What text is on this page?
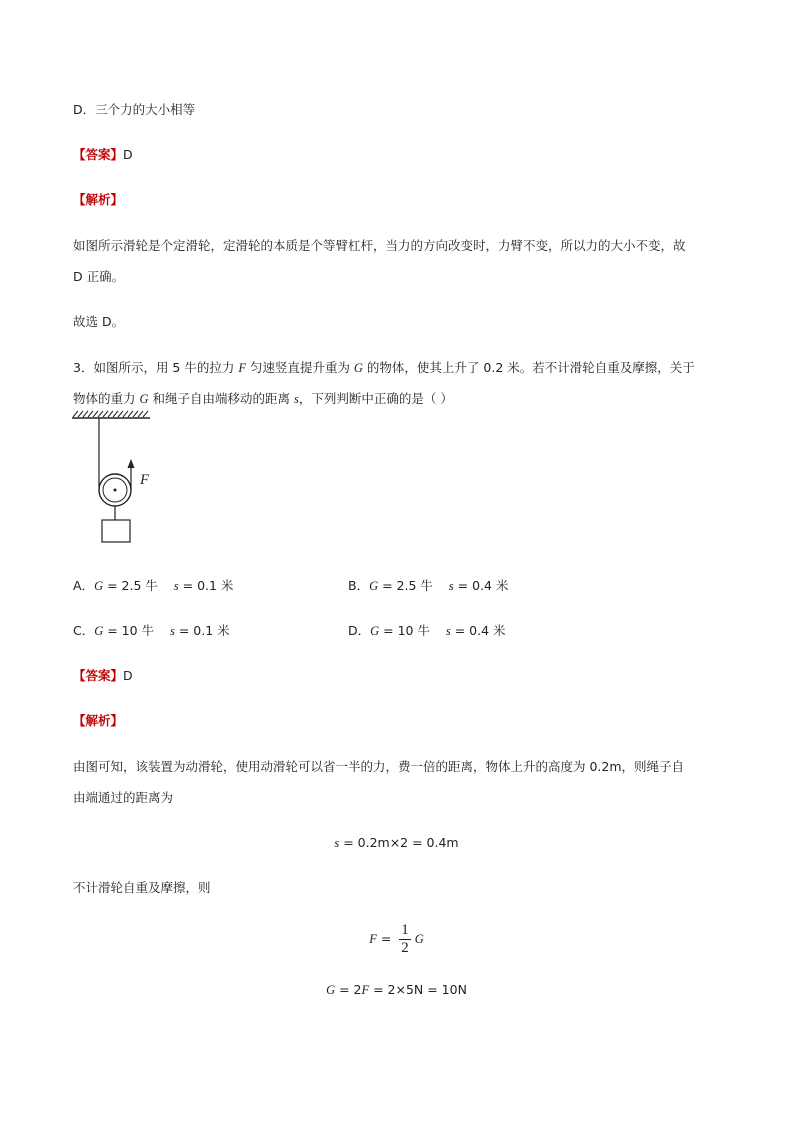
D．三个力的大小相等
【答案】D
【解析】
如图所示滑轮是个定滑轮，定滑轮的本质是个等臂杠杆，当力的方向改变时，力臂不变，所以力的大小不变，故
D 正确。
故选 D。
3．如图所示，用 5 牛的拉力 F 匀速竖直提升重为 G 的物体，使其上升了 0.2 米。若不计滑轮自重及摩擦，关于
物体的重力 G 和绳子自由端移动的距离 s，下列判断中正确的是（ ）
F
A．G = 2.5 牛 s = 0.1 米	B．G = 2.5 牛 s = 0.4 米
C．G = 10 牛 s = 0.1 米	D．G = 10 牛 s = 0.4 米
【答案】D
【解析】
由图可知，该装置为动滑轮，使用动滑轮可以省一半的力，费一倍的距离，物体上升的高度为 0.2m，则绳子自
由端通过的距离为
s = 0.2m×2 = 0.4m
不计滑轮自重及摩擦，则
$F = \frac{1}{2}$ G
G = 2F = 2×5N = 10N
